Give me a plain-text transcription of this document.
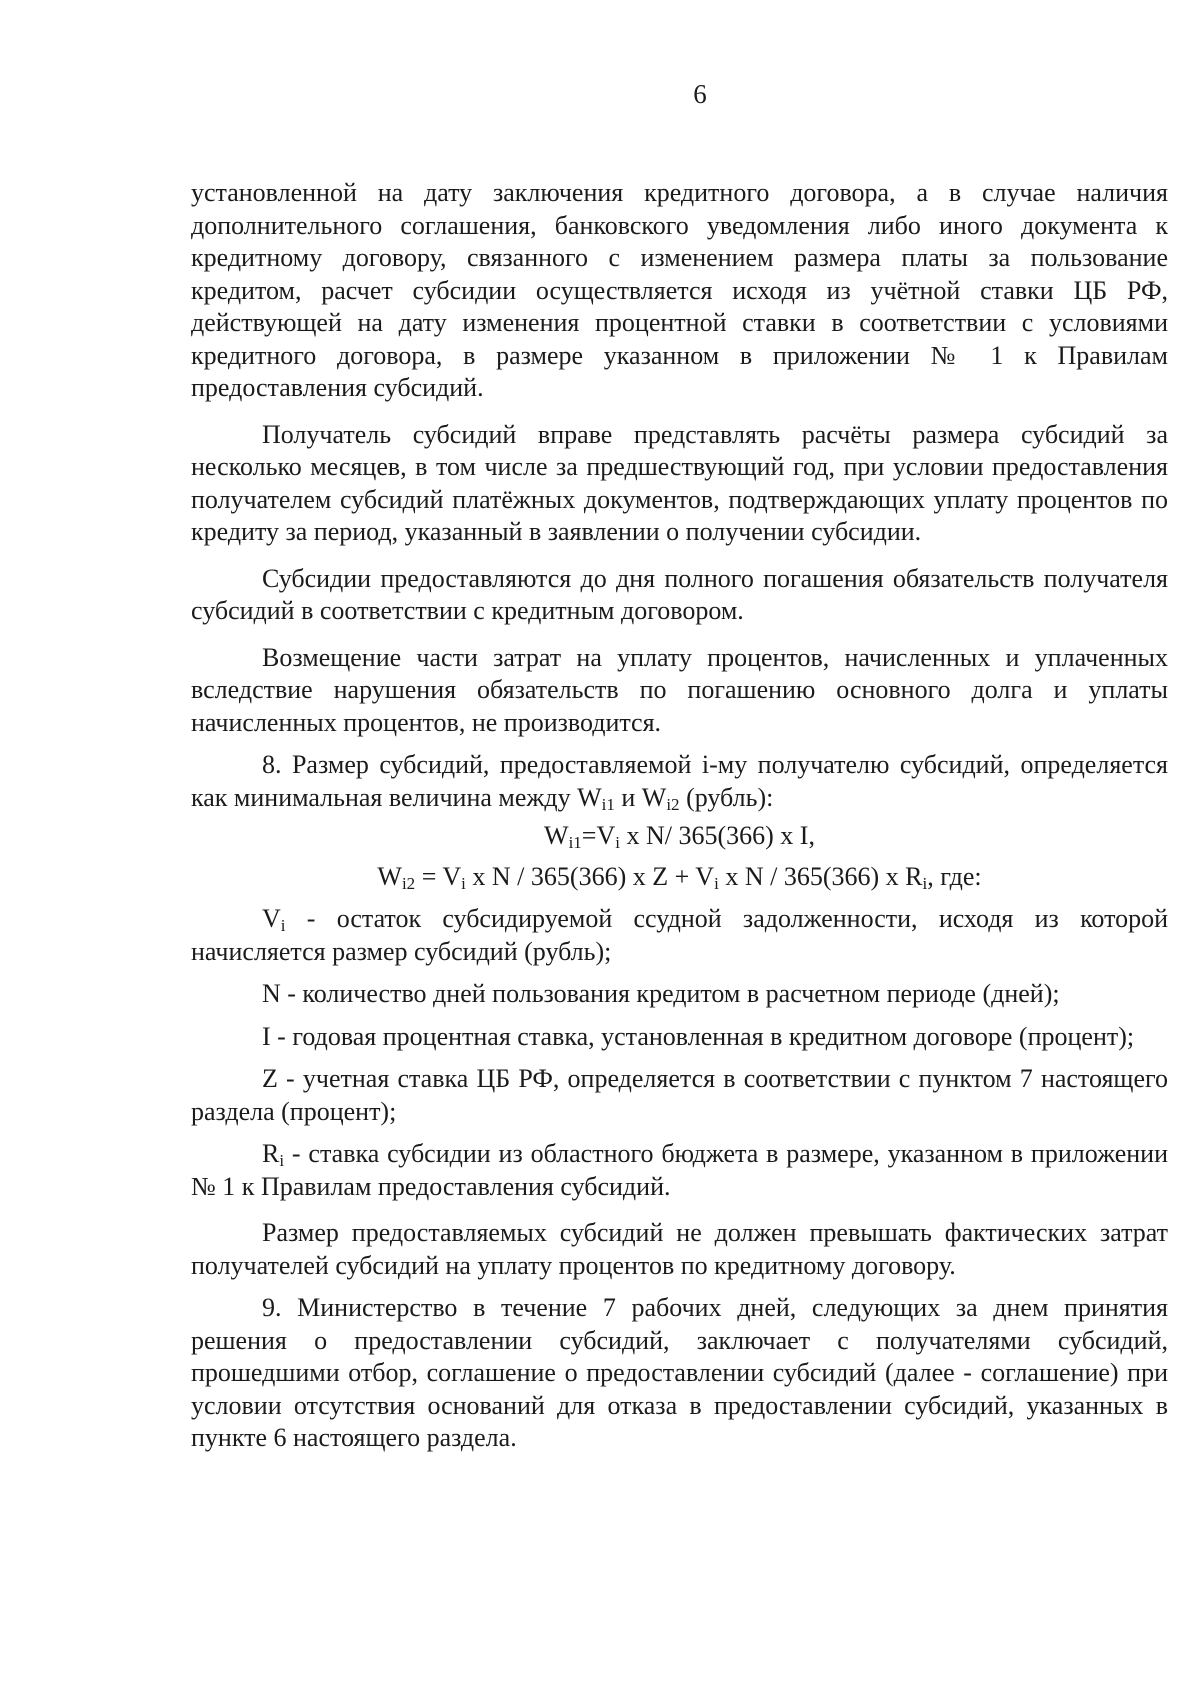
6

установленной на дату заключения кредитного договора, а в случае наличия дополнительного соглашения, банковского уведомления либо иного документа к кредитному договору, связанного с изменением размера платы за пользование кредитом, расчет субсидии осуществляется исходя из учётной ставки ЦБ РФ, действующей на дату изменения процентной ставки в соответствии с условиями кредитного договора, в размере указанном в приложении № 1 к Правилам предоставления субсидий.

Получатель субсидий вправе представлять расчёты размера субсидий за несколько месяцев, в том числе за предшествующий год, при условии предоставления получателем субсидий платёжных документов, подтверждающих уплату процентов по кредиту за период, указанный в заявлении о получении субсидии.

Субсидии предоставляются до дня полного погашения обязательств получателя субсидий в соответствии с кредитным договором.

Возмещение части затрат на уплату процентов, начисленных и уплаченных вследствие нарушения обязательств по погашению основного долга и уплаты начисленных процентов, не производится.

8. Размер субсидий, предоставляемой i-му получателю субсидий, определяется как минимальная величина между $W_{i1}$ и $W_{i2}$ (рубль):

$W_{i1}=V_i$ x N/ 365(366) x I,

$W_{i2} = V_i$ x N / 365(366) x $Z + V_i$ x N / 365(366) x $R_i$, где:

$V_i$ - остаток субсидируемой ссудной задолженности, исходя из которой начисляется размер субсидий (рубль);

N - количество дней пользования кредитом в расчетном периоде (дней);

I - годовая процентная ставка, установленная в кредитном договоре (процент);

Z - учетная ставка ЦБ РФ, определяется в соответствии с пунктом 7 настоящего раздела (процент);

$R_i$ - ставка субсидии из областного бюджета в размере, указанном в приложении № 1 к Правилам предоставления субсидий.

Размер предоставляемых субсидий не должен превышать фактических затрат получателей субсидий на уплату процентов по кредитному договору.

9. Министерство в течение 7 рабочих дней, следующих за днем принятия решения о предоставлении субсидий, заключает с получателями субсидий, прошедшими отбор, соглашение о предоставлении субсидий (далее - соглашение) при условии отсутствия оснований для отказа в предоставлении субсидий, указанных в пункте 6 настоящего раздела.
